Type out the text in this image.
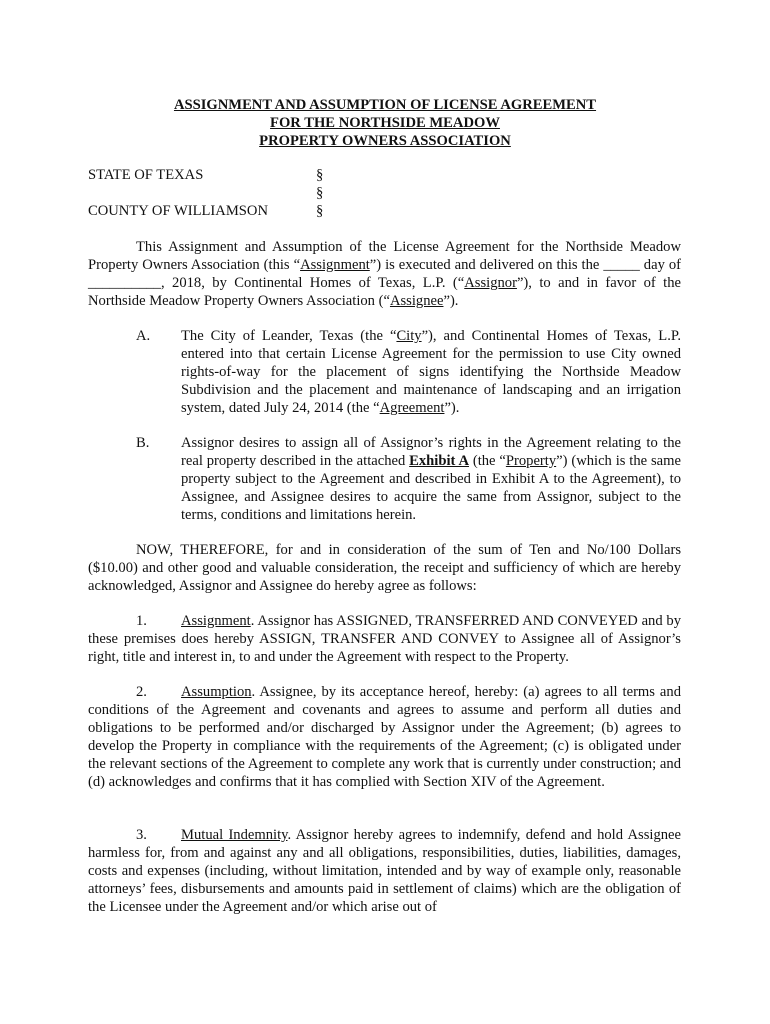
ASSIGNMENT AND ASSUMPTION OF LICENSE AGREEMENT
FOR THE NORTHSIDE MEADOW
PROPERTY OWNERS ASSOCIATION
STATE OF TEXAS	§
§
COUNTY OF WILLIAMSON	§
This Assignment and Assumption of the License Agreement for the Northside Meadow Property Owners Association (this “Assignment”) is executed and delivered on this the _____ day of __________, 2018, by Continental Homes of Texas, L.P. (“Assignor”), to and in favor of the Northside Meadow Property Owners Association (“Assignee”).
A. The City of Leander, Texas (the “City”), and Continental Homes of Texas, L.P. entered into that certain License Agreement for the permission to use City owned rights-of-way for the placement of signs identifying the Northside Meadow Subdivision and the placement and maintenance of landscaping and an irrigation system, dated July 24, 2014 (the “Agreement”).
B. Assignor desires to assign all of Assignor’s rights in the Agreement relating to the real property described in the attached Exhibit A (the “Property”) (which is the same property subject to the Agreement and described in Exhibit A to the Agreement), to Assignee, and Assignee desires to acquire the same from Assignor, subject to the terms, conditions and limitations herein.
NOW, THEREFORE, for and in consideration of the sum of Ten and No/100 Dollars ($10.00) and other good and valuable consideration, the receipt and sufficiency of which are hereby acknowledged, Assignor and Assignee do hereby agree as follows:
1. Assignment. Assignor has ASSIGNED, TRANSFERRED AND CONVEYED and by these premises does hereby ASSIGN, TRANSFER AND CONVEY to Assignee all of Assignor’s right, title and interest in, to and under the Agreement with respect to the Property.
2. Assumption. Assignee, by its acceptance hereof, hereby: (a) agrees to all terms and conditions of the Agreement and covenants and agrees to assume and perform all duties and obligations to be performed and/or discharged by Assignor under the Agreement; (b) agrees to develop the Property in compliance with the requirements of the Agreement; (c) is obligated under the relevant sections of the Agreement to complete any work that is currently under construction; and (d) acknowledges and confirms that it has complied with Section XIV of the Agreement.
3. Mutual Indemnity. Assignor hereby agrees to indemnify, defend and hold Assignee harmless for, from and against any and all obligations, responsibilities, duties, liabilities, damages, costs and expenses (including, without limitation, intended and by way of example only, reasonable attorneys’ fees, disbursements and amounts paid in settlement of claims) which are the obligation of the Licensee under the Agreement and/or which arise out of
